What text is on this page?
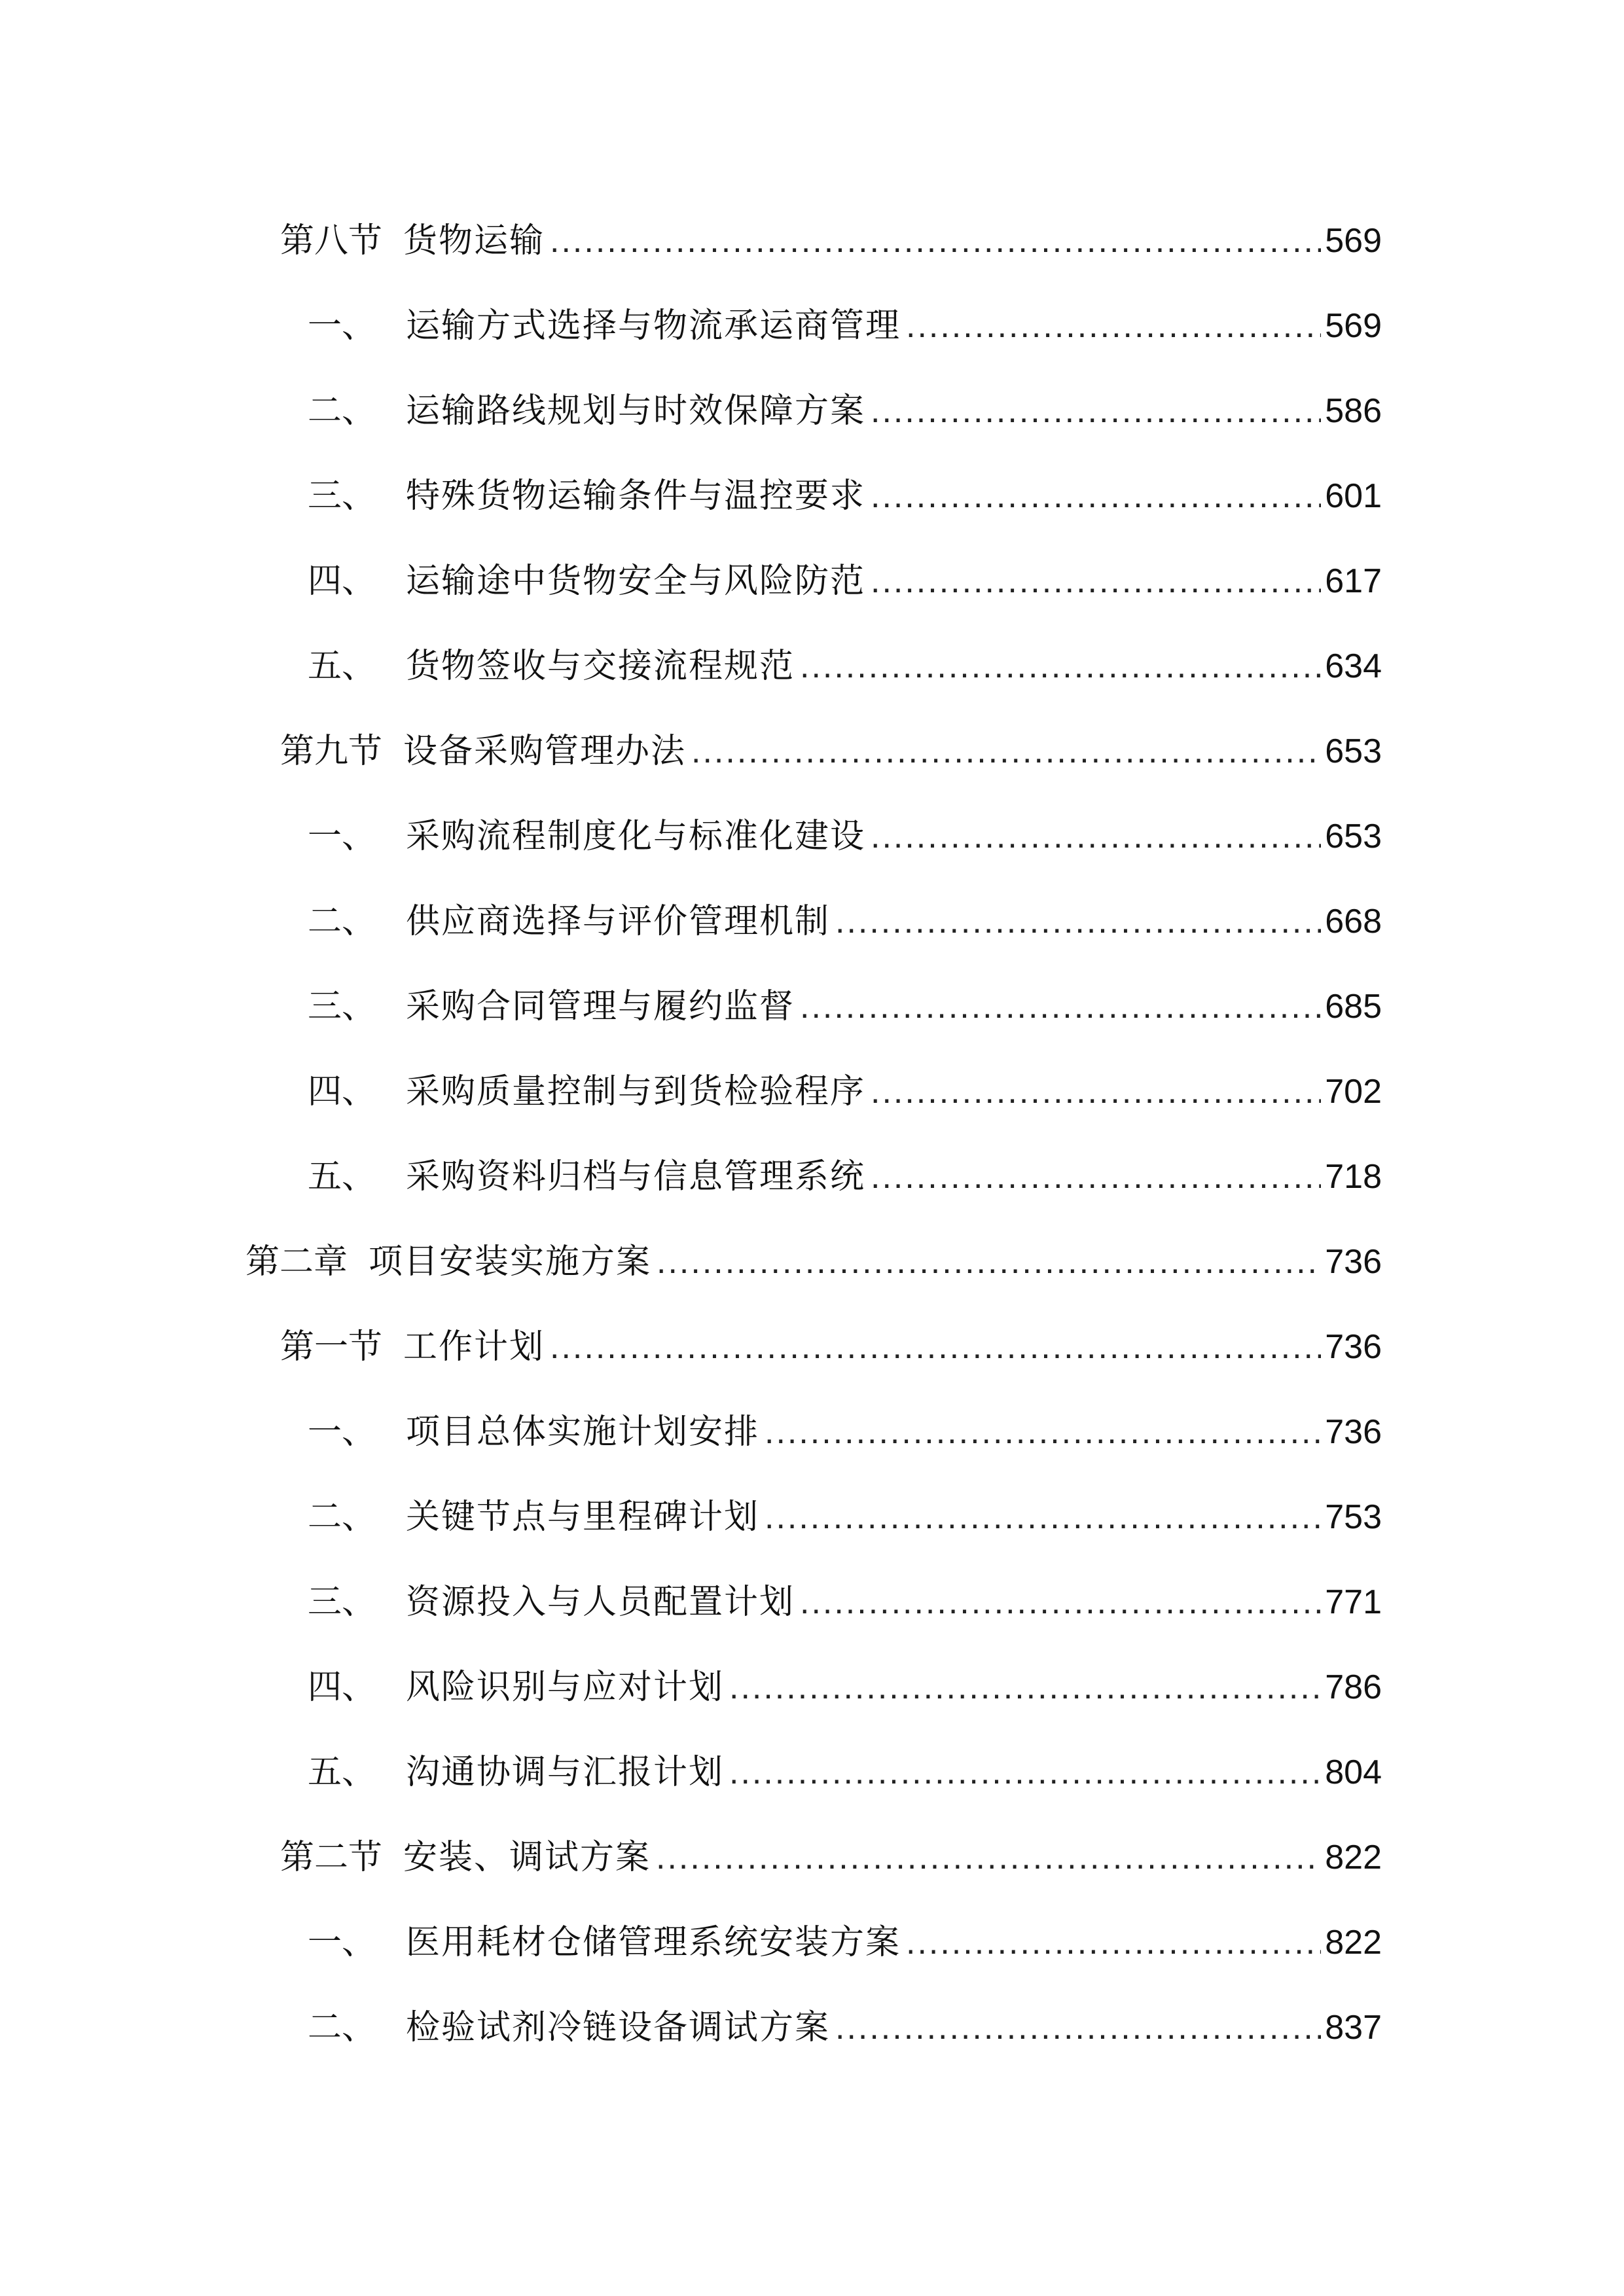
第八节 货物运输 .....	569
一、 运输方式选择与物流承运商管理 .....	569
二、 运输路线规划与时效保障方案 .....	586
三、 特殊货物运输条件与温控要求 .....	601
四、 运输途中货物安全与风险防范 .....	617
五、 货物签收与交接流程规范 .....	634
第九节 设备采购管理办法 .....	653
一、 采购流程制度化与标准化建设 .....	653
二、 供应商选择与评价管理机制 .....	668
三、 采购合同管理与履约监督 .....	685
四、 采购质量控制与到货检验程序 .....	702
五、 采购资料归档与信息管理系统 .....	718
第二章 项目安装实施方案 .....	736
第一节 工作计划 .....	736
一、 项目总体实施计划安排 .....	736
二、 关键节点与里程碑计划 .....	753
三、 资源投入与人员配置计划 .....	771
四、 风险识别与应对计划 .....	786
五、 沟通协调与汇报计划 .....	804
第二节 安装、调试方案 .....	822
一、 医用耗材仓储管理系统安装方案 .....	822
二、 检验试剂冷链设备调试方案 .....	837
